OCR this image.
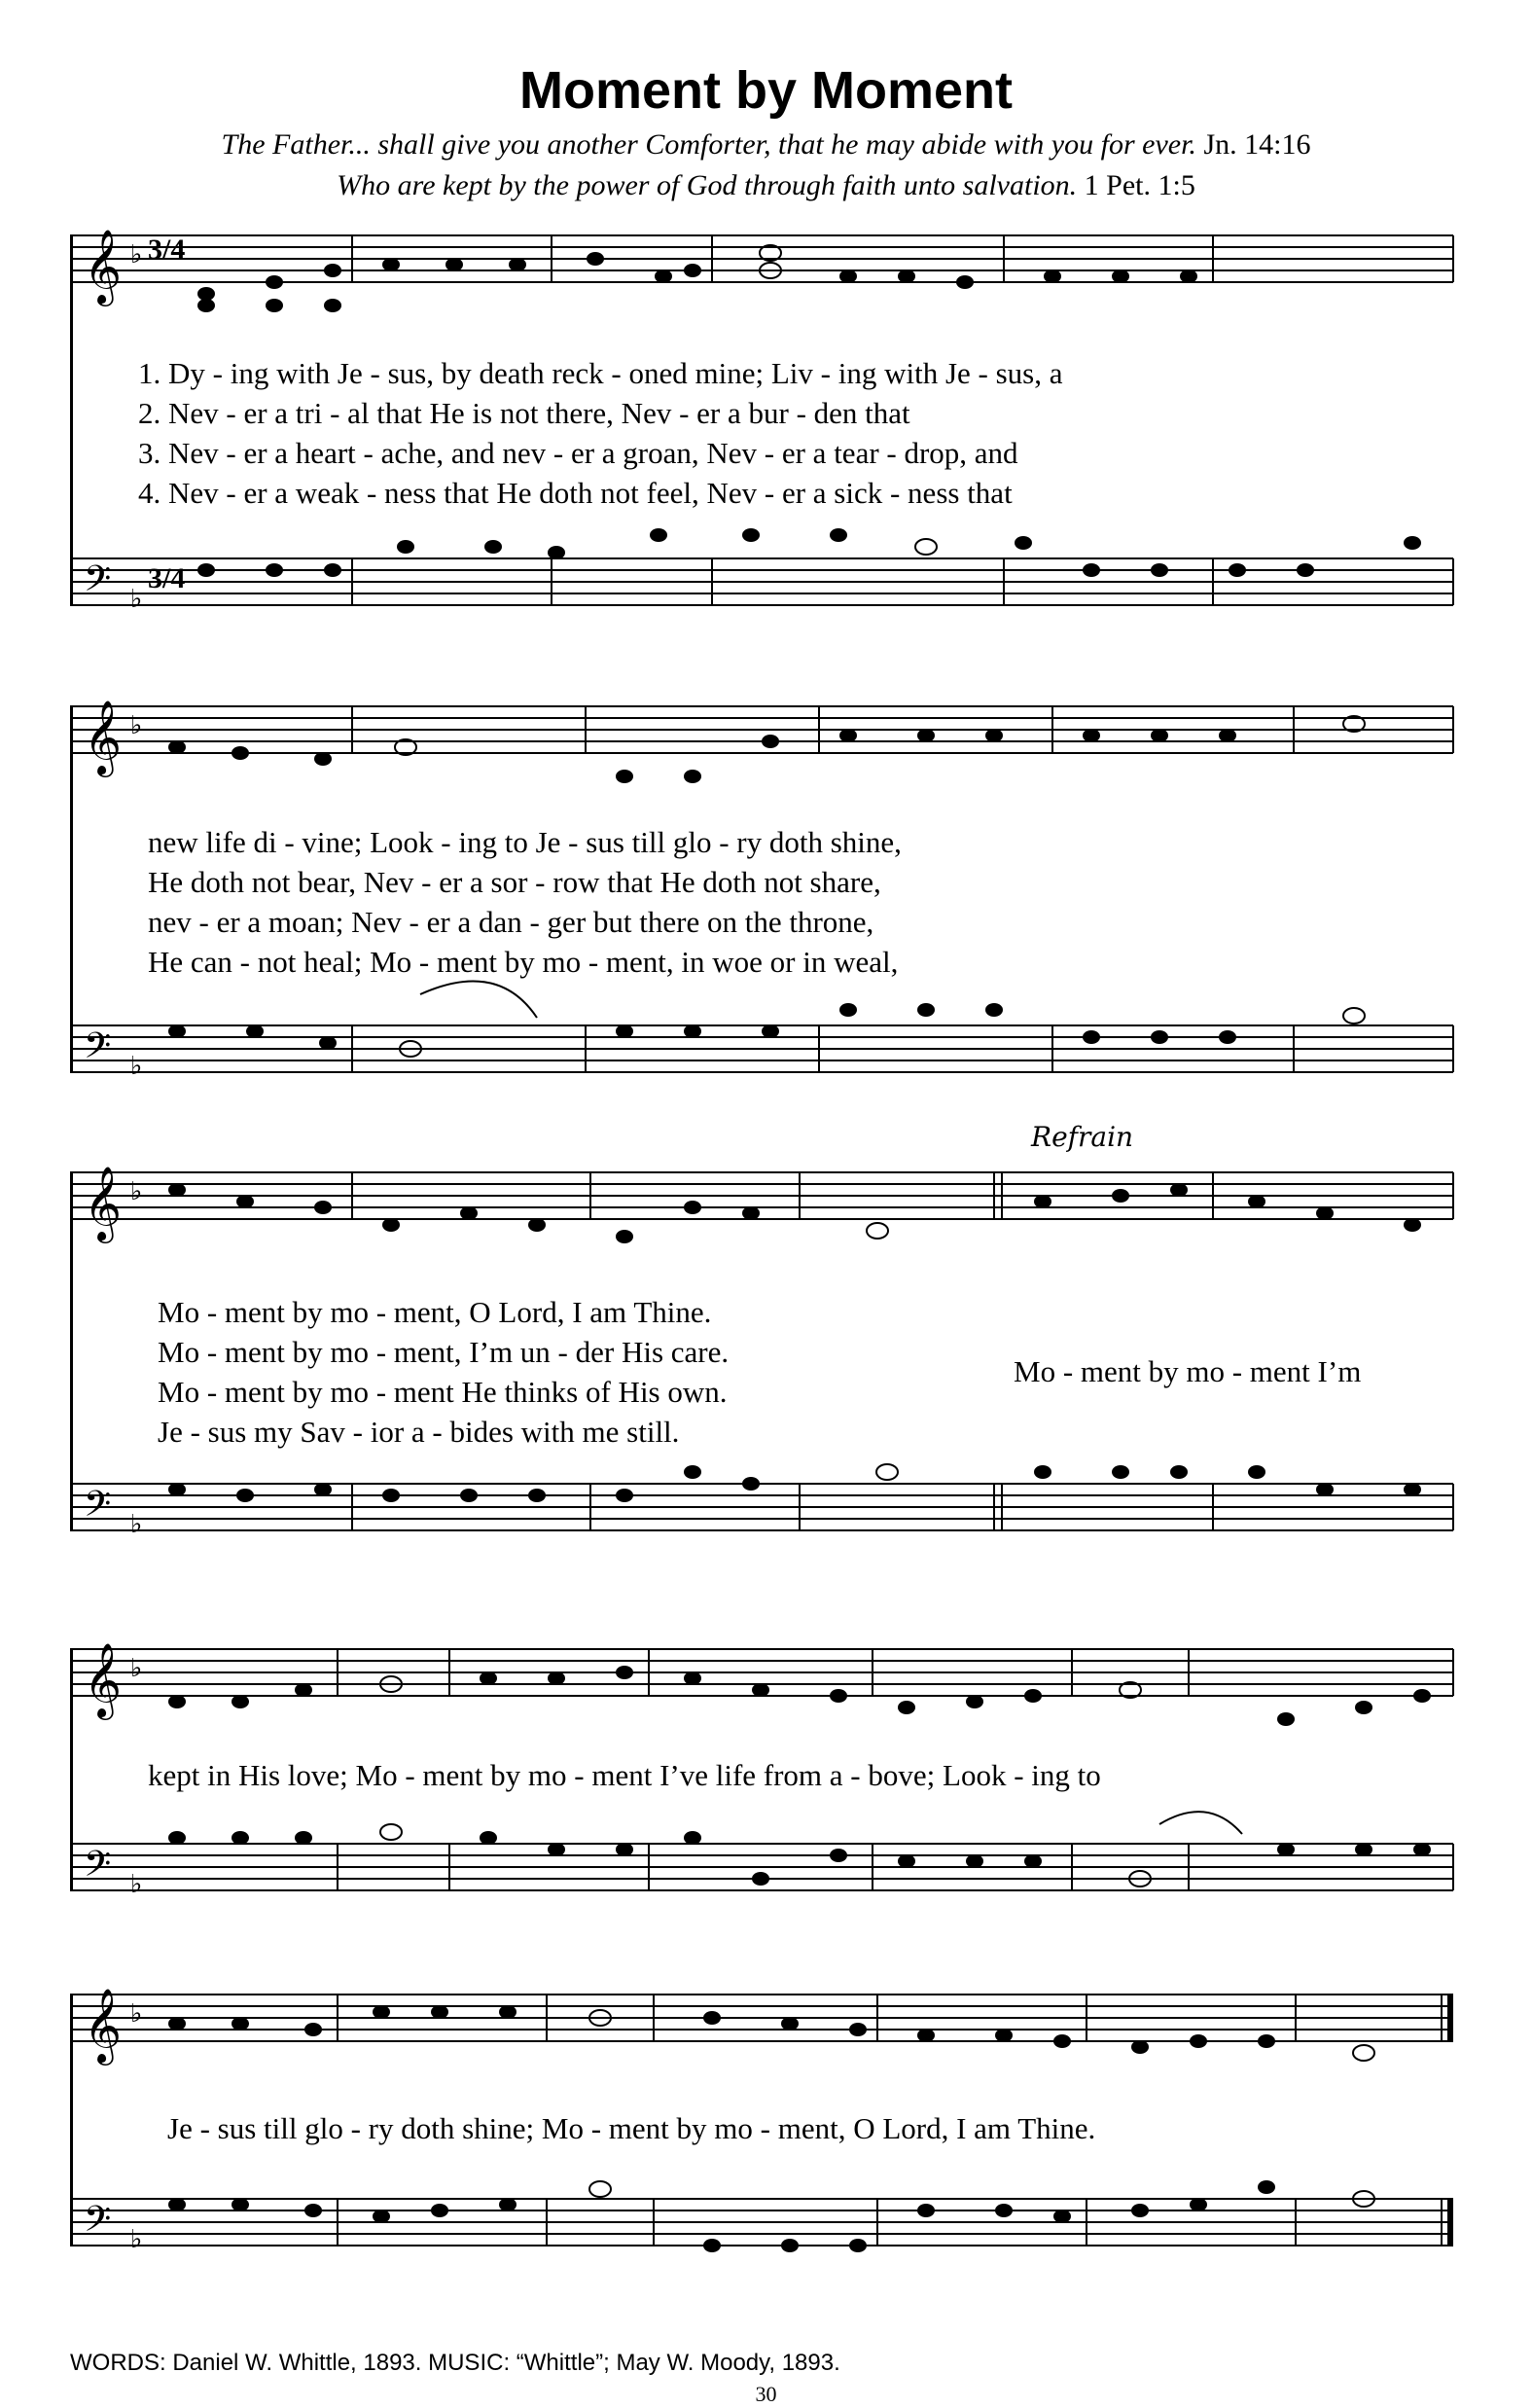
Moment by Moment
The Father... shall give you another Comforter, that he may abide with you for ever. Jn. 14:16
Who are kept by the power of God through faith unto salvation. 1 Pet. 1:5
𝄞
𝄢
♭
♭
3/4
3/4
1. Dy - ing with Je - sus, by death reck - oned mine; Liv - ing with Je - sus, a
2. Nev - er a tri - al that He is not there, Nev - er a bur - den that
3. Nev - er a heart - ache, and nev - er a groan, Nev - er a tear - drop, and
4. Nev - er a weak - ness that He doth not feel, Nev - er a sick - ness that
𝄞
𝄢
♭
♭
new life di - vine; Look - ing to Je - sus till glo - ry doth shine,
He doth not bear, Nev - er a sor - row that He doth not share,
nev - er a moan; Nev - er a dan - ger but there on the throne,
He can - not heal; Mo - ment by mo - ment, in woe or in weal,
Refrain
𝄞
𝄢
♭
♭
Mo - ment by mo - ment, O Lord, I am Thine.
Mo - ment by mo - ment, I’m un - der His care.
Mo - ment by mo - ment He thinks of His own.
Je - sus my Sav - ior a - bides with me still.
Mo - ment by mo - ment I’m
𝄞
𝄢
♭
♭
kept in His love; Mo - ment by mo - ment I’ve life from a - bove; Look - ing to
𝄞
𝄢
♭
♭
Je - sus till glo - ry doth shine; Mo - ment by mo - ment, O Lord, I am Thine.
WORDS: Daniel W. Whittle, 1893. MUSIC: “Whittle”; May W. Moody, 1893.
30
